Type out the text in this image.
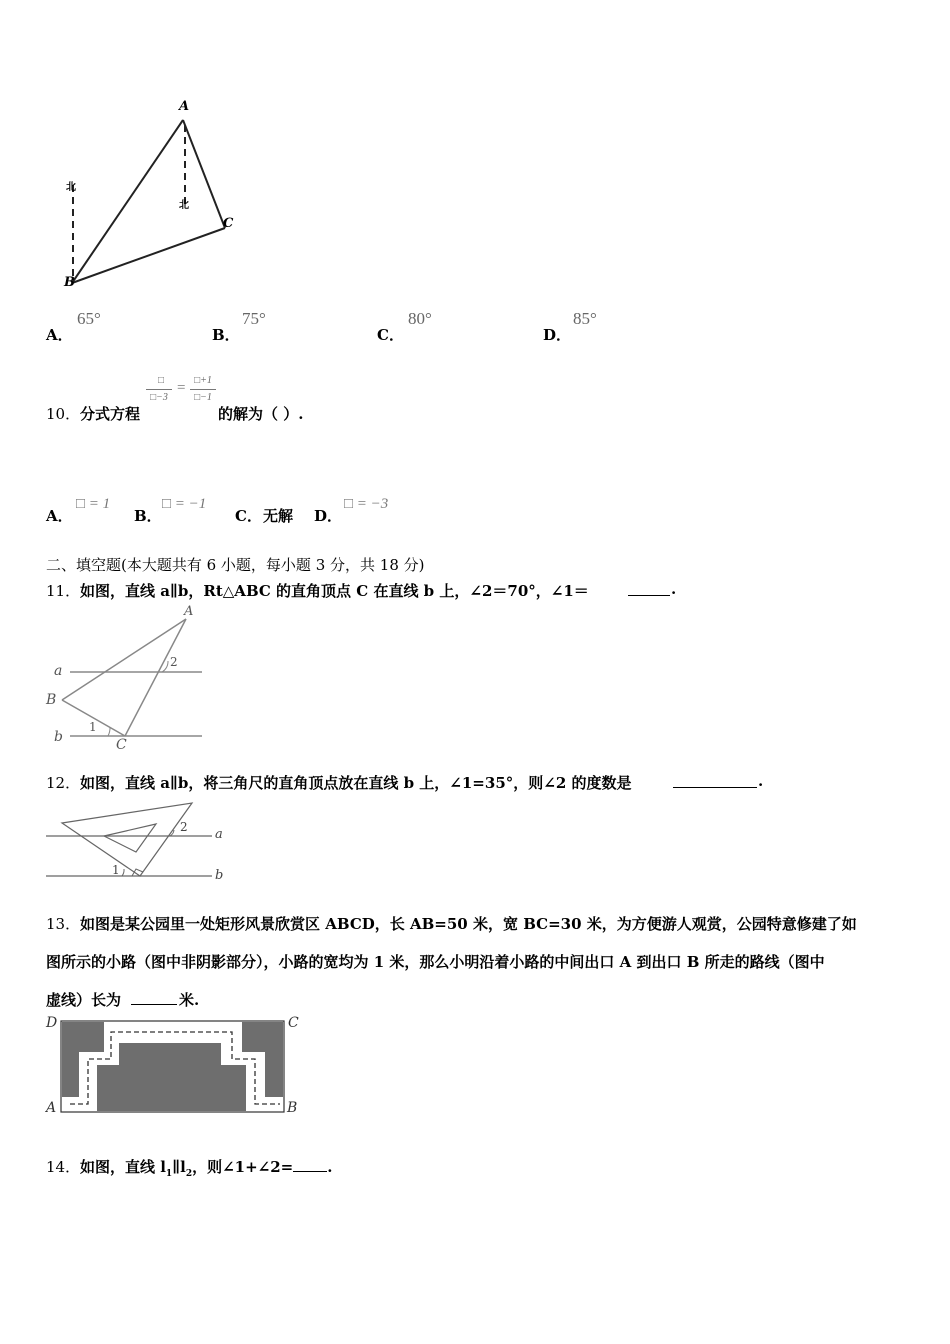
A
B
C
北
北
A．
65°
B．
75°
C．
80°
D．
85°
10． 分式方程
□
□−3
= □+1
□−1
的解为（ ）.
A．
□ = 1
B．
□ = −1
C． 无解 D．
□ = −3
二、填空题(本大题共有 6 小题，每小题 3 分，共 18 分)
11． 如图，直线 a∥b，Rt△ABC 的直角顶点 C 在直线 b 上，∠2＝70°，∠1＝	.
A
B
C
a
b
1
2
12． 如图，直线 a∥b，将三角尺的直角顶点放在直线 b 上，∠1=35°，则∠2 的度数是	.
2
1
a
b
13． 如图是某公园里一处矩形风景欣赏区 ABCD，长 AB=50 米，宽 BC=30 米，为方便游人观赏，公园特意修建了如
图所示的小路（图中非阴影部分），小路的宽均为 1 米，那么小明沿着小路的中间出口 A 到出口 B 所走的路线（图中
虚线）长为	米.
D	C
A	B
14． 如图，直线 $l_1\parallel l_2$，则∠1+∠2= .
